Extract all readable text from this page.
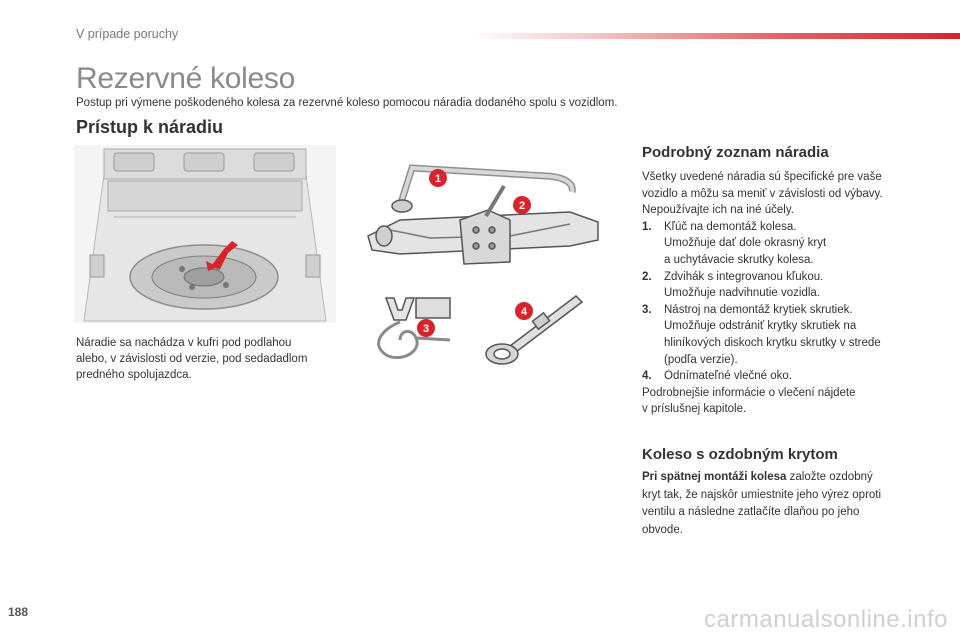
V prípade poruchy
Rezervné koleso
Postup pri výmene poškodeného kolesa za rezervné koleso pomocou náradia dodaného spolu s vozidlom.
Prístup k náradiu
Náradie sa nachádza v kufri pod podlahou
alebo, v závislosti od verzie, pod sedadadlom
predného spolujazdca.
1
2
3
4
Podrobný zoznam náradia

Všetky uvedené náradia sú špecifické pre vaše

vozidlo a môžu sa meniť v závislosti od výbavy.

Nepoužívajte ich na iné účely.

1.	Kľúč na demontáž kolesa.
Umožňuje dať dole okrasný kryt
a uchytávacie skrutky kolesa.
2.	Zdvihák s integrovanou kľukou.
Umožňuje nadvihnutie vozidla.
3.	Nástroj na demontáž krytiek skrutiek.
Umožňuje odstrániť krytky skrutiek na
hliníkových diskoch krytku skrutky v strede
(podľa verzie).
4.	Odnímateľné vlečné oko.

Podrobnejšie informácie o vlečení nájdete

v príslušnej kapitole.

Koleso s ozdobným krytom
Pri spätnej montáži kolesa založte ozdobný
kryt tak, že najskôr umiestnite jeho výrez oproti
ventilu a následne zatlačíte dlaňou po jeho
obvode.
188	carmanualsonline.info
